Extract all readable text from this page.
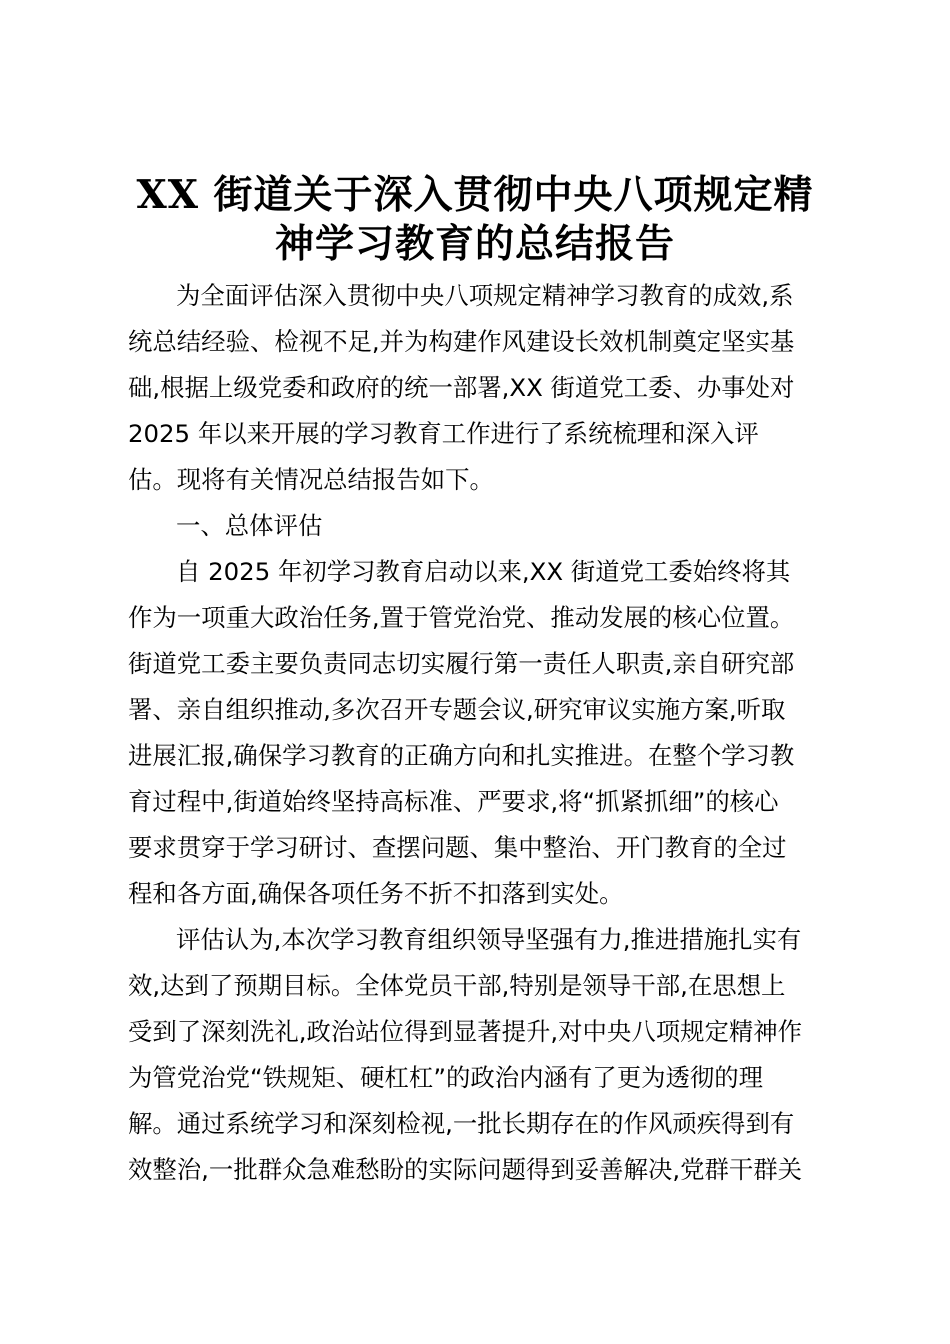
XX 街道关于深入贯彻中央八项规定精
神学习教育的总结报告

为全面评估深入贯彻中央八项规定精神学习教育的成效,系

统总结经验、检视不足,并为构建作风建设长效机制奠定坚实基

础,根据上级党委和政府的统一部署,XX 街道党工委、办事处对

2025 年以来开展的学习教育工作进行了系统梳理和深入评

估。现将有关情况总结报告如下。

一、总体评估

自 2025 年初学习教育启动以来,XX 街道党工委始终将其

作为一项重大政治任务,置于管党治党、推动发展的核心位置。

街道党工委主要负责同志切实履行第一责任人职责,亲自研究部

署、亲自组织推动,多次召开专题会议,研究审议实施方案,听取

进展汇报,确保学习教育的正确方向和扎实推进。在整个学习教

育过程中,街道始终坚持高标准、严要求,将“抓紧抓细”的核心

要求贯穿于学习研讨、查摆问题、集中整治、开门教育的全过

程和各方面,确保各项任务不折不扣落到实处。

评估认为,本次学习教育组织领导坚强有力,推进措施扎实有

效,达到了预期目标。全体党员干部,特别是领导干部,在思想上

受到了深刻洗礼,政治站位得到显著提升,对中央八项规定精神作

为管党治党“铁规矩、硬杠杠”的政治内涵有了更为透彻的理

解。通过系统学习和深刻检视,一批长期存在的作风顽疾得到有

效整治,一批群众急难愁盼的实际问题得到妥善解决,党群干群关
